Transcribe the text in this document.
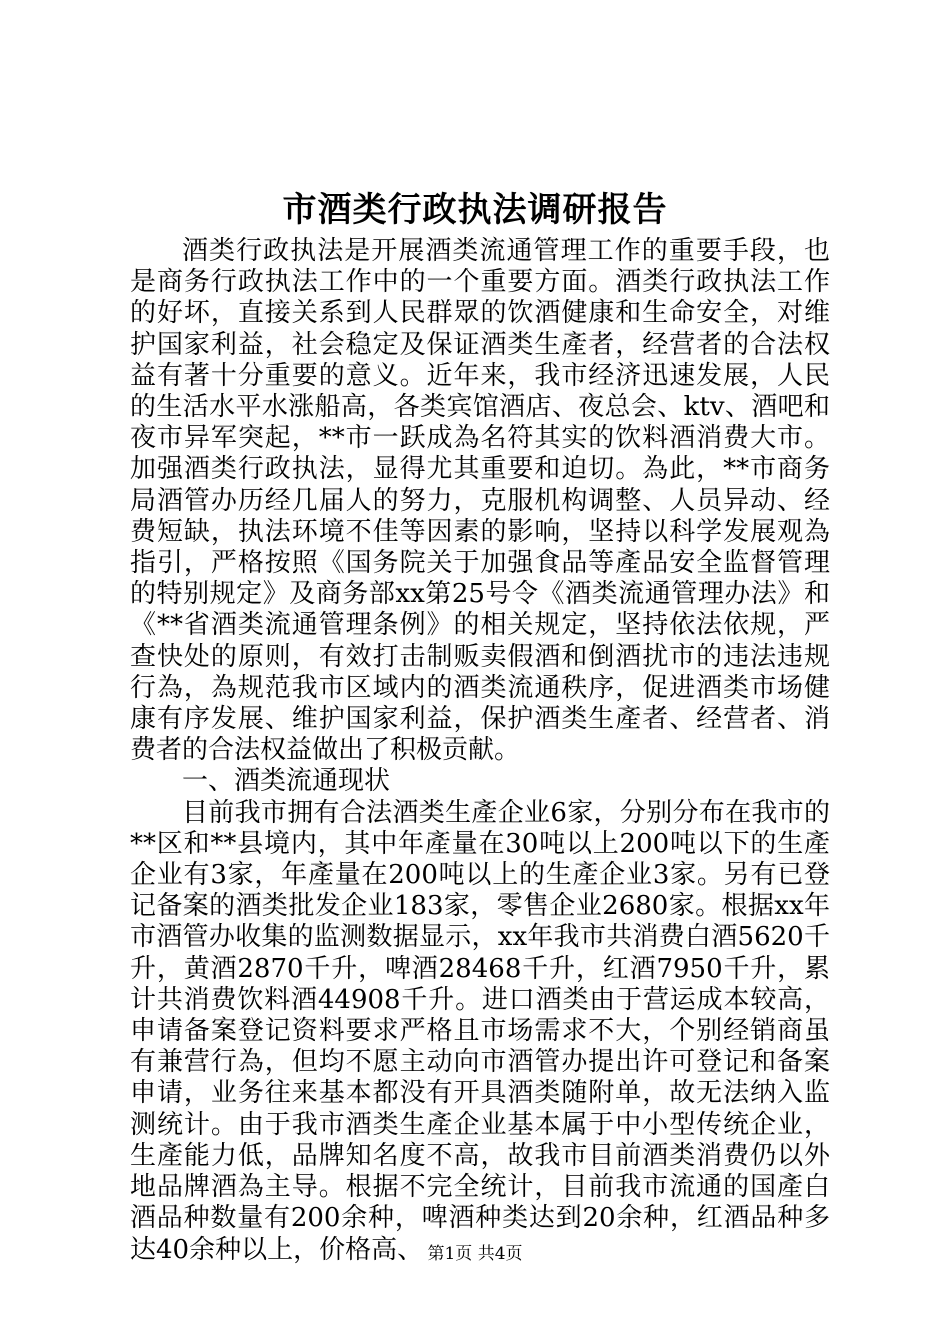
市酒类行政执法调研报告

酒类行政执法是开展酒类流通管理工作的重要手段，也是商务行政执法工作中的一个重要方面。酒类行政执法工作的好坏，直接关系到人民群眾的饮酒健康和生命安全，对维护国家利益，社会稳定及保证酒类生產者，经营者的合法权益有著十分重要的意义。近年来，我市经济迅速发展，人民的生活水平水涨船高，各类宾馆酒店、夜总会、ktv、酒吧和夜市异军突起，**市一跃成為名符其实的饮料酒消费大市。加强酒类行政执法，显得尤其重要和迫切。為此，**市商务局酒管办历经几届人的努力，克服机构调整、人员异动、经费短缺，执法环境不佳等因素的影响，坚持以科学发展观為指引，严格按照《国务院关于加强食品等產品安全监督管理的特别规定》及商务部xx第25号令《酒类流通管理办法》和《**省酒类流通管理条例》的相关规定，坚持依法依规，严查快处的原则，有效打击制贩卖假酒和倒酒扰市的违法违规行為，為规范我市区域内的酒类流通秩序，促进酒类市场健康有序发展、维护国家利益，保护酒类生產者、经营者、消费者的合法权益做出了积极贡献。

一、酒类流通现状

目前我市拥有合法酒类生產企业6家，分别分布在我市的**区和**县境内，其中年產量在30吨以上200吨以下的生產企业有3家，年產量在200吨以上的生產企业3家。另有已登记备案的酒类批发企业183家，零售企业2680家。根据xx年市酒管办收集的监测数据显示，xx年我市共消费白酒5620千升，黄酒2870千升，啤酒28468千升，红酒7950千升，累计共消费饮料酒44908千升。进口酒类由于营运成本较高，申请备案登记资料要求严格且市场需求不大，个别经销商虽有兼营行為，但均不愿主动向市酒管办提出许可登记和备案申请，业务往来基本都没有开具酒类随附单，故无法纳入监测统计。由于我市酒类生產企业基本属于中小型传统企业，生產能力低，品牌知名度不高，故我市目前酒类消费仍以外地品牌酒為主导。根据不完全统计，目前我市流通的国產白酒品种数量有200余种，啤酒种类达到20余种，红酒品种多达40余种以上，价格高、 第1页 共4页
